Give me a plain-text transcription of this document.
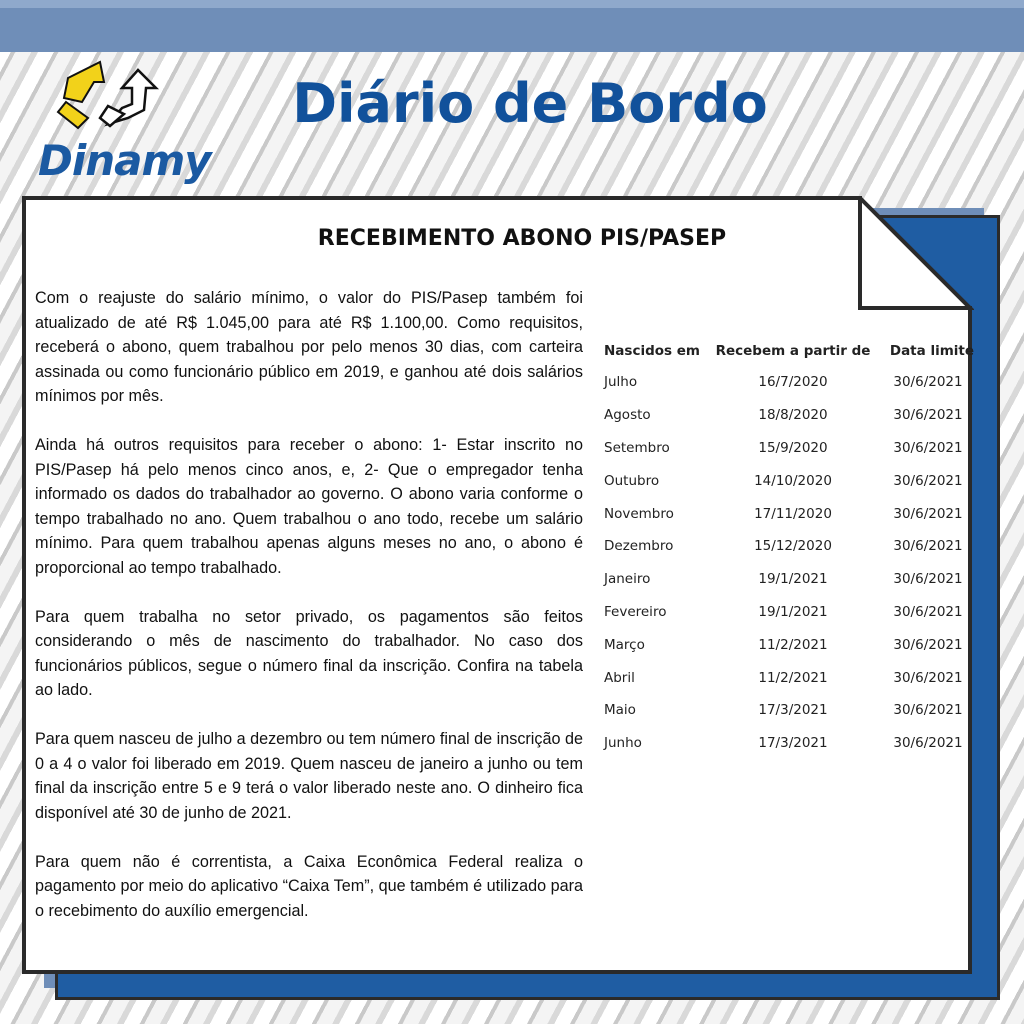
Dinamy
Diário de Bordo
RECEBIMENTO ABONO PIS/PASEP

Com o reajuste do salário mínimo, o valor do PIS/Pasep também foi atualizado de até R$ 1.045,00 para até R$ 1.100,00. Como requisitos, receberá o abono, quem trabalhou por pelo menos 30 dias, com carteira assinada ou como funcionário público em 2019, e ganhou até dois salários mínimos por mês.

Ainda há outros requisitos para receber o abono: 1- Estar inscrito no PIS/Pasep há pelo menos cinco anos, e, 2- Que o empregador tenha informado os dados do trabalhador ao governo. O abono varia conforme o tempo trabalhado no ano. Quem trabalhou o ano todo, recebe um salário mínimo. Para quem trabalhou apenas alguns meses no ano, o abono é proporcional ao tempo trabalhado.

Para quem trabalha no setor privado, os pagamentos são feitos considerando o mês de nascimento do trabalhador. No caso dos funcionários públicos, segue o número final da inscrição. Confira na tabela ao lado.

Para quem nasceu de julho a dezembro ou tem número final de inscrição de 0 a 4 o valor foi liberado em 2019. Quem nasceu de janeiro a junho ou tem final da inscrição entre 5 e 9 terá o valor liberado neste ano. O dinheiro fica disponível até 30 de junho de 2021.

Para quem não é correntista, a Caixa Econômica Federal realiza o pagamento por meio do aplicativo “Caixa Tem”, que também é utilizado para o recebimento do auxílio emergencial.

Nascidos em	Recebem a partir de	Data limite
Julho	16/7/2020	30/6/2021
Agosto	18/8/2020	30/6/2021
Setembro	15/9/2020	30/6/2021
Outubro	14/10/2020	30/6/2021
Novembro	17/11/2020	30/6/2021
Dezembro	15/12/2020	30/6/2021
Janeiro	19/1/2021	30/6/2021
Fevereiro	19/1/2021	30/6/2021
Março	11/2/2021	30/6/2021
Abril	11/2/2021	30/6/2021
Maio	17/3/2021	30/6/2021
Junho	17/3/2021	30/6/2021
